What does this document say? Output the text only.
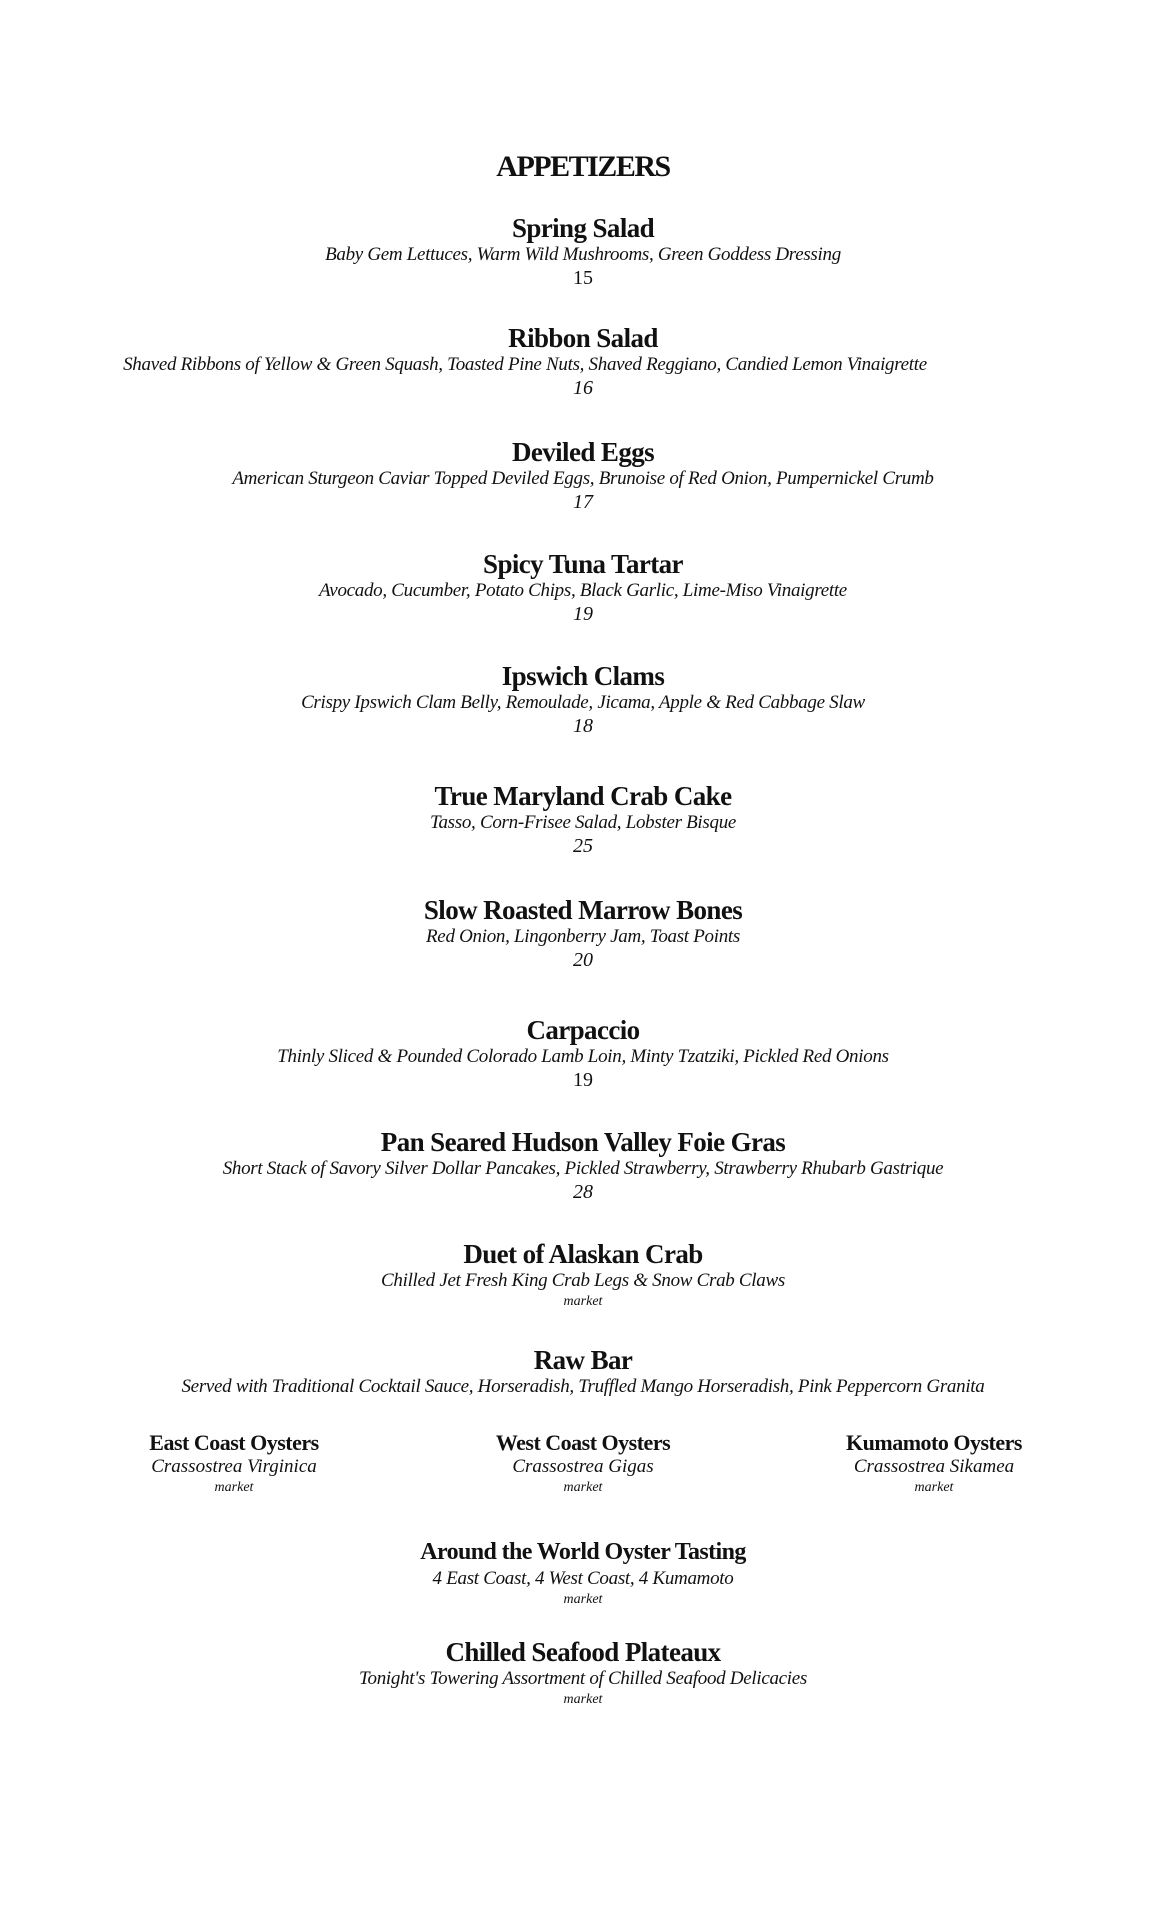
APPETIZERS
Spring Salad
Baby Gem Lettuces, Warm Wild Mushrooms, Green Goddess Dressing
15
Ribbon Salad
Shaved Ribbons of Yellow & Green Squash, Toasted Pine Nuts, Shaved Reggiano, Candied Lemon Vinaigrette
16
Deviled Eggs
American Sturgeon Caviar Topped Deviled Eggs, Brunoise of Red Onion, Pumpernickel Crumb
17
Spicy Tuna Tartar
Avocado, Cucumber, Potato Chips, Black Garlic, Lime-Miso Vinaigrette
19
Ipswich Clams
Crispy Ipswich Clam Belly, Remoulade, Jicama, Apple & Red Cabbage Slaw
18
True Maryland Crab Cake
Tasso, Corn-Frisee Salad, Lobster Bisque
25
Slow Roasted Marrow Bones
Red Onion, Lingonberry Jam, Toast Points
20
Carpaccio
Thinly Sliced & Pounded Colorado Lamb Loin, Minty Tzatziki, Pickled Red Onions
19
Pan Seared Hudson Valley Foie Gras
Short Stack of Savory Silver Dollar Pancakes, Pickled Strawberry, Strawberry Rhubarb Gastrique
28
Duet of Alaskan Crab
Chilled Jet Fresh King Crab Legs & Snow Crab Claws
market
Raw Bar
Served with Traditional Cocktail Sauce, Horseradish, Truffled Mango Horseradish, Pink Peppercorn Granita
East Coast Oysters
Crassostrea Virginica
market
West Coast Oysters
Crassostrea Gigas
market
Kumamoto Oysters
Crassostrea Sikamea
market
Around the World Oyster Tasting
4 East Coast, 4 West Coast, 4 Kumamoto
market
Chilled Seafood Plateaux
Tonight's Towering Assortment of Chilled Seafood Delicacies
market
